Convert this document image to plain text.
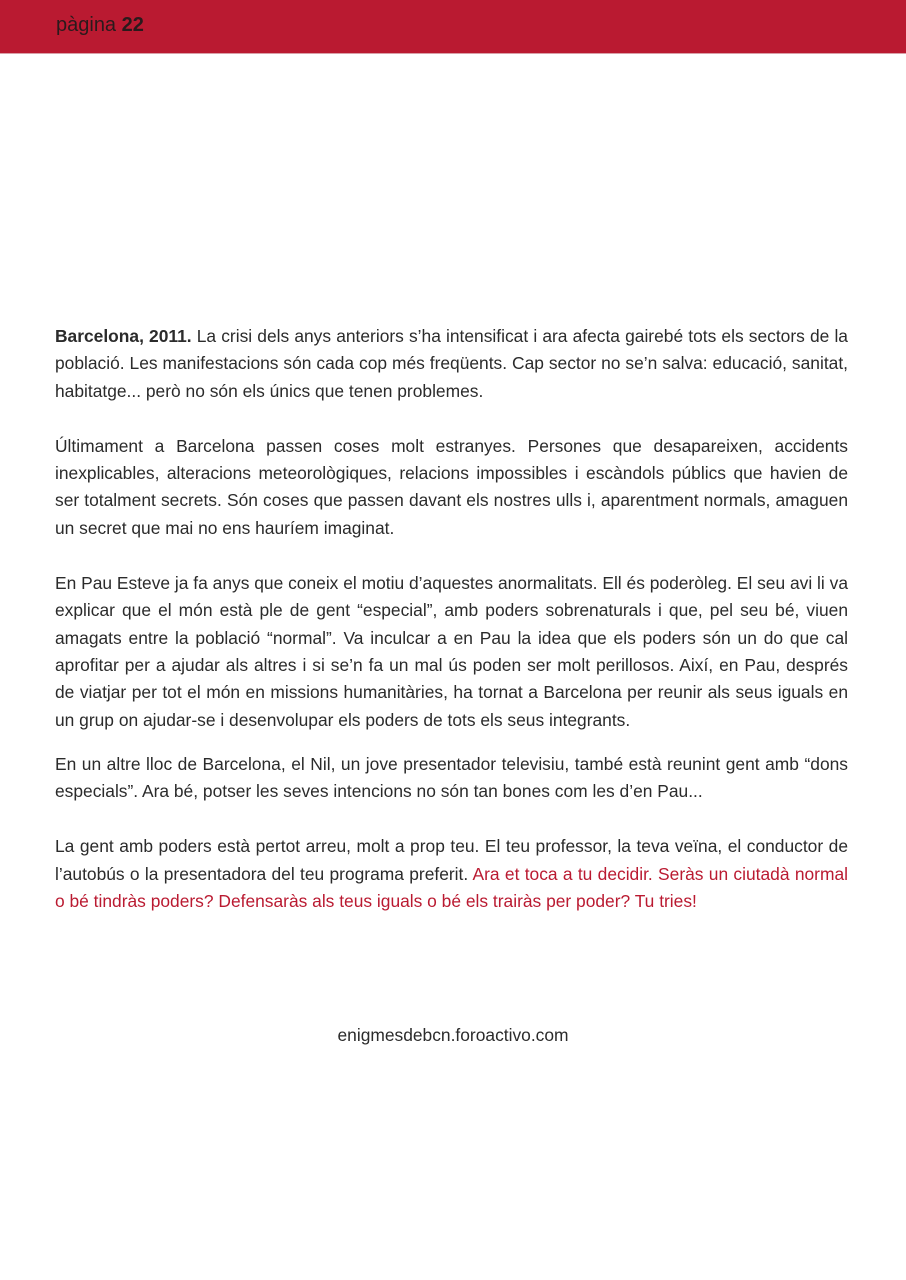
pàgina 22

Barcelona, 2011. La crisi dels anys anteriors s’ha intensificat i ara afecta gairebé tots els sectors de la població. Les manifestacions són cada cop més freqüents. Cap sector no se’n salva: educació, sanitat, habitatge... però no són els únics que tenen problemes.

Últimament a Barcelona passen coses molt estranyes. Persones que desapareixen, accidents inexplicables, alteracions meteorològiques, relacions impossibles i escàndols públics que havien de ser totalment secrets. Són coses que passen davant els nostres ulls i, aparentment normals, amaguen un secret que mai no ens hauríem imaginat.

En Pau Esteve ja fa anys que coneix el motiu d’aquestes anormalitats. Ell és poderòleg. El seu avi li va explicar que el món està ple de gent “especial”, amb poders sobrenaturals i que, pel seu bé, viuen amagats entre la població “normal”. Va inculcar a en Pau la idea que els poders són un do que cal aprofitar per a ajudar als altres i si se’n fa un mal ús poden ser molt perillosos. Així, en Pau, després de viatjar per tot el món en missions humanitàries, ha tornat a Barcelona per reunir als seus iguals en un grup on ajudar-se i desenvolupar els poders de tots els seus integrants.

En un altre lloc de Barcelona, el Nil, un jove presentador televisiu, també està reunint gent amb “dons especials”. Ara bé, potser les seves intencions no són tan bones com les d’en Pau...

La gent amb poders està pertot arreu, molt a prop teu. El teu professor, la teva veïna, el conductor de l’autobús o la presentadora del teu programa preferit. Ara et toca a tu decidir. Seràs un ciutadà normal o bé tindràs poders? Defensaràs als teus iguals o bé els trairàs per poder? Tu tries!

enigmesdebcn.foroactivo.com
